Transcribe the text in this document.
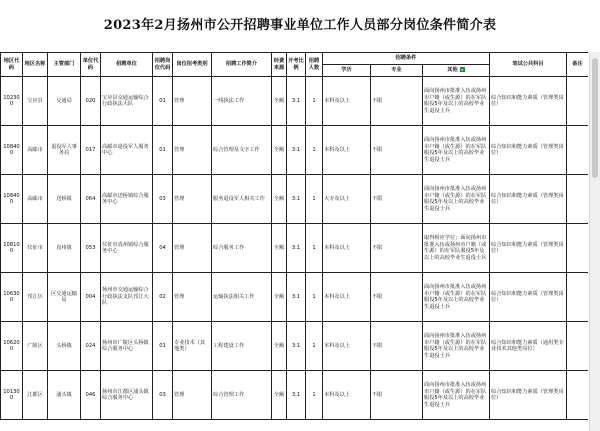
2023年2月扬州市公开招聘事业单位工作人员部分岗位条件简介表
地区代码	地区名称	主管部门	单位代码	招聘单位	招聘岗位代码	岗位招考类别	招聘工作简介	经费来源	开考比例	招聘人数	招聘条件			笔试公共科目	备注
											学历	专业	其他 ▾		
102300	宝应县	交通局	020	宝应县交通运输综合行政执法大队	01	管理	一线执法工作	全额	3:1	1	本科及以上	不限	面向扬州市批准入伍或扬州市户籍（或生源）的在军队服役5年及以上的高校毕业生退役士兵	综合知识和能力素质（管理类岗位）	
108400	高邮市	退役军人事务局	017	高邮市退役军人服务中心	01	管理	综合管理及文字工作	全额	3:1	1	本科及以上	不限	面向扬州市批准入伍或扬州市户籍（或生源）的在军队服役5年及以上的高校毕业生退役士兵	综合知识和能力素质（管理类岗位）	
108400	高邮市	送桥镇	064	高邮市送桥镇综合服务中心	03	管理	服务退役军人相关工作	全额	3:1	1	大专及以上	不限	面向扬州市批准入伍或扬州市户籍（或生源）的在军队服役5年及以上的高校毕业生退役士兵	综合知识和能力素质（管理类岗位）	
108100	仪征市	真州镇	053	仪征市真州镇综合服务中心	04	管理	综合服务工作	全额	3:1	1	本科及以上	不限	取得相应学位；面向扬州市批准入伍或扬州市户籍（或生源）的在军队服役5年及以上的高校毕业生退役士兵	综合知识和能力素质（管理类岗位）	
106300	邗江区	区交通运输局	004	扬州市交通运输综合行政执法支队邗江大队	02	管理	运输执法相关工作	全额	3:1	1	本科及以上	不限	面向扬州市批准入伍或扬州市户籍（或生源）的在军队服役5年及以上的高校毕业生退役士兵	综合知识和能力素质（管理类岗位）	
106200	广陵区	头桥镇	024	扬州市广陵区头桥镇综合服务中心	01	专业技术（其他类）	工程建设工作	全额	3:1	1	本科及以上	不限	面向扬州市批准入伍或扬州市户籍（或生源）的在军队服役5年及以上的高校毕业生退役士兵	综合知识和能力素质（通用类专业技术其他类岗位）	
101300	江都区	浦头镇	046	扬州市江都区浦头镇综合服务中心	03	管理	综合管理工作	全额	3:1	1	本科及以上	不限	面向扬州市批准入伍或扬州市户籍（或生源）的在军队服役5年及以上的高校毕业生退役士兵	综合知识和能力素质（管理类岗位）	
